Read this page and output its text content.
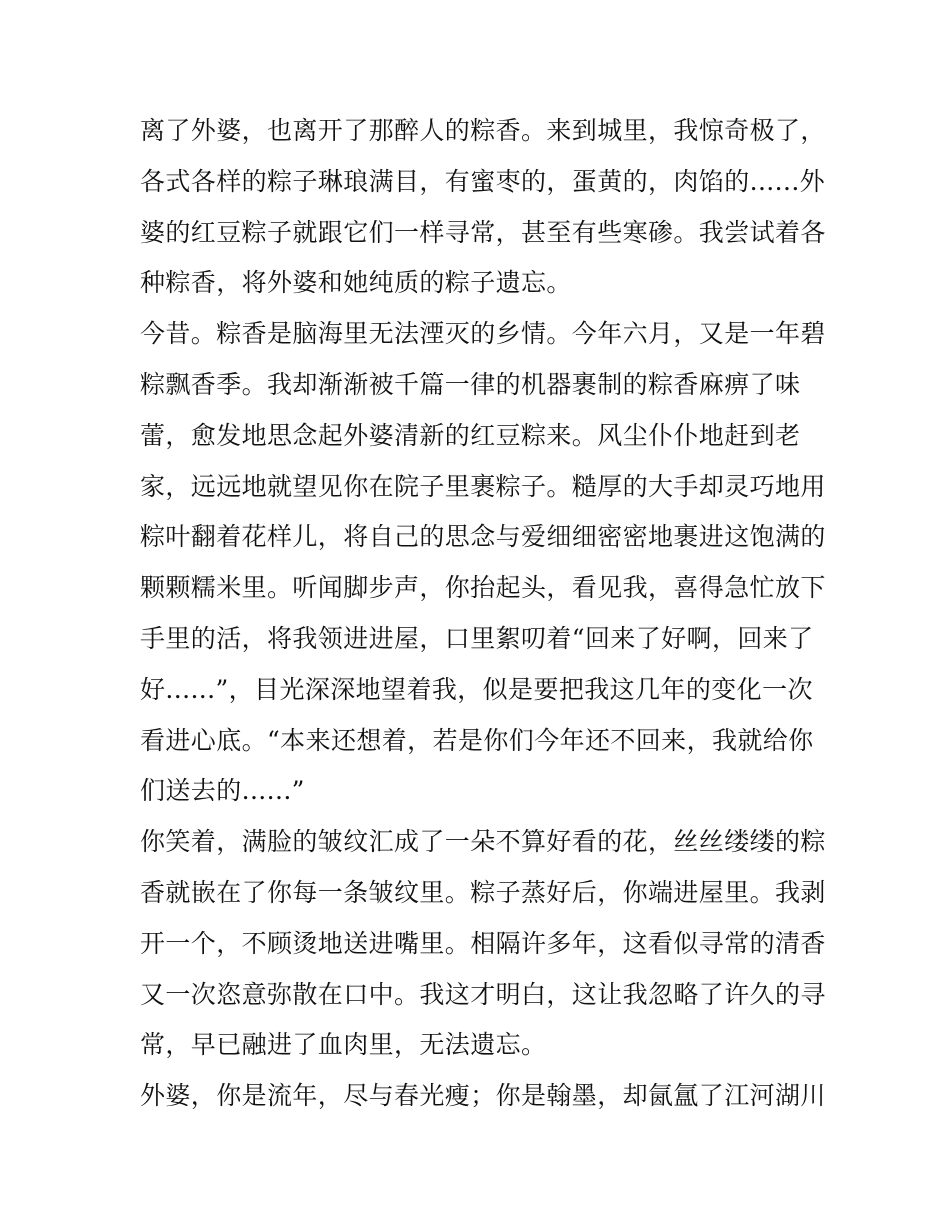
离了外婆，也离开了那醉人的粽香。来到城里，我惊奇极了，
各式各样的粽子琳琅满目，有蜜枣的，蛋黄的，肉馅的......外
婆的红豆粽子就跟它们一样寻常，甚至有些寒碜。我尝试着各
种粽香，将外婆和她纯质的粽子遗忘。
今昔。粽香是脑海里无法湮灭的乡情。今年六月，又是一年碧
粽飘香季。我却渐渐被千篇一律的机器裹制的粽香麻痹了味
蕾，愈发地思念起外婆清新的红豆粽来。风尘仆仆地赶到老
家，远远地就望见你在院子里裹粽子。糙厚的大手却灵巧地用
粽叶翻着花样儿，将自己的思念与爱细细密密地裹进这饱满的
颗颗糯米里。听闻脚步声，你抬起头，看见我，喜得急忙放下
手里的活，将我领进进屋，口里絮叨着“回来了好啊，回来了
好......”，目光深深地望着我，似是要把我这几年的变化一次
看进心底。“本来还想着，若是你们今年还不回来，我就给你
们送去的......”
你笑着，满脸的皱纹汇成了一朵不算好看的花，丝丝缕缕的粽
香就嵌在了你每一条皱纹里。粽子蒸好后，你端进屋里。我剥
开一个，不顾烫地送进嘴里。相隔许多年，这看似寻常的清香
又一次恣意弥散在口中。我这才明白，这让我忽略了许久的寻
常，早已融进了血肉里，无法遗忘。
外婆，你是流年，尽与春光瘦；你是翰墨，却氤氲了江河湖川
